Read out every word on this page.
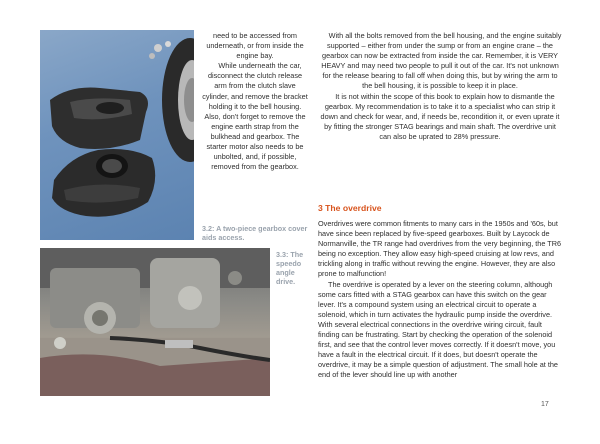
need to be accessed from underneath, or from inside the engine bay.

While underneath the car, disconnect the clutch release arm from the clutch slave cylinder, and remove the bracket holding it to the bell housing. Also, don't forget to remove the engine earth strap from the bulkhead and gearbox. The starter motor also needs to be unbolted, and, if possible, removed from the gearbox.

3.2: A two-piece gearbox cover aids access.
3.3: The speedo angle drive.

With all the bolts removed from the bell housing, and the engine suitably supported – either from under the sump or from an engine crane – the gearbox can now be extracted from inside the car. Remember, it is VERY HEAVY and may need two people to pull it out of the car. It's not unknown for the release bearing to fall off when doing this, but by wiring the arm to the bell housing, it is possible to keep it in place.

It is not within the scope of this book to explain how to dismantle the gearbox. My recommendation is to take it to a specialist who can strip it down and check for wear, and, if needs be, recondition it, or even uprate it by fitting the stronger STAG bearings and main shaft. The overdrive unit can also be uprated to 28% pressure.

3 The overdrive

Overdrives were common fitments to many cars in the 1950s and '60s, but have since been replaced by five-speed gearboxes. Built by Laycock de Normanville, the TR range had overdrives from the very beginning, the TR6 being no exception. They allow easy high-speed cruising at low revs, and trickling along in traffic without revving the engine. However, they are also prone to malfunction!

The overdrive is operated by a lever on the steering column, although some cars fitted with a STAG gearbox can have this switch on the gear lever. It's a compound system using an electrical circuit to operate a solenoid, which in turn activates the hydraulic pump inside the overdrive. With several electrical connections in the overdrive wiring circuit, fault finding can be frustrating. Start by checking the operation of the solenoid first, and see that the control lever moves correctly. If it doesn't move, you have a fault in the electrical circuit. If it does, but doesn't operate the overdrive, it may be a simple question of adjustment. The small hole at the end of the lever should line up with another

17
